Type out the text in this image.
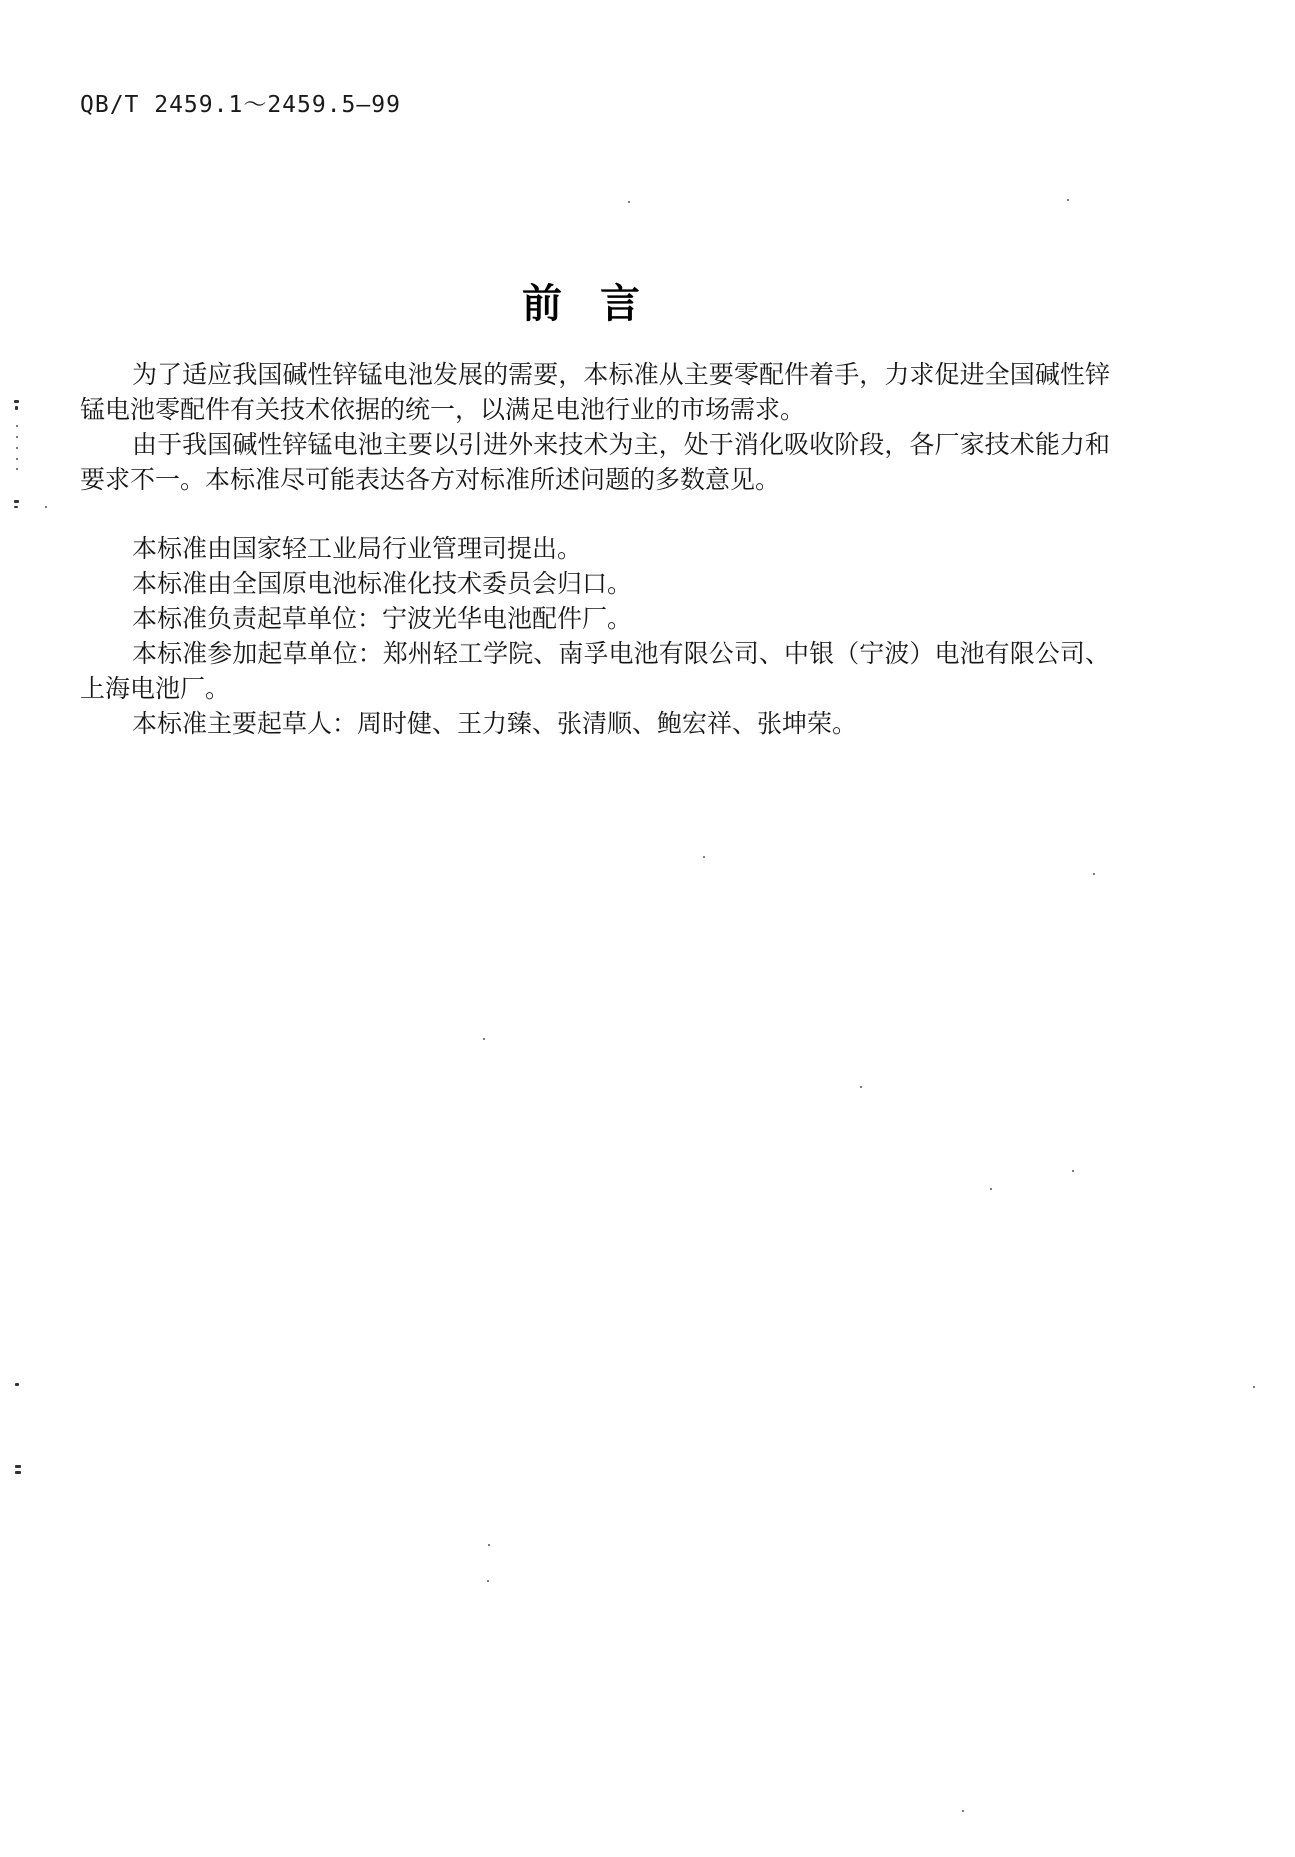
QB/T 2459.1～2459.5—99
前言

为了适应我国碱性锌锰电池发展的需要，本标准从主要零配件着手，力求促进全国碱性锌锰电池零配件有关技术依据的统一，以满足电池行业的市场需求。

由于我国碱性锌锰电池主要以引进外来技术为主，处于消化吸收阶段，各厂家技术能力和要求不一。本标准尽可能表达各方对标准所述问题的多数意见。

本标准由国家轻工业局行业管理司提出。

本标准由全国原电池标准化技术委员会归口。

本标准负责起草单位：宁波光华电池配件厂。

本标准参加起草单位：郑州轻工学院、南孚电池有限公司、中银（宁波）电池有限公司、上海电池厂。

本标准主要起草人：周时健、王力臻、张清顺、鲍宏祥、张坤荣。
